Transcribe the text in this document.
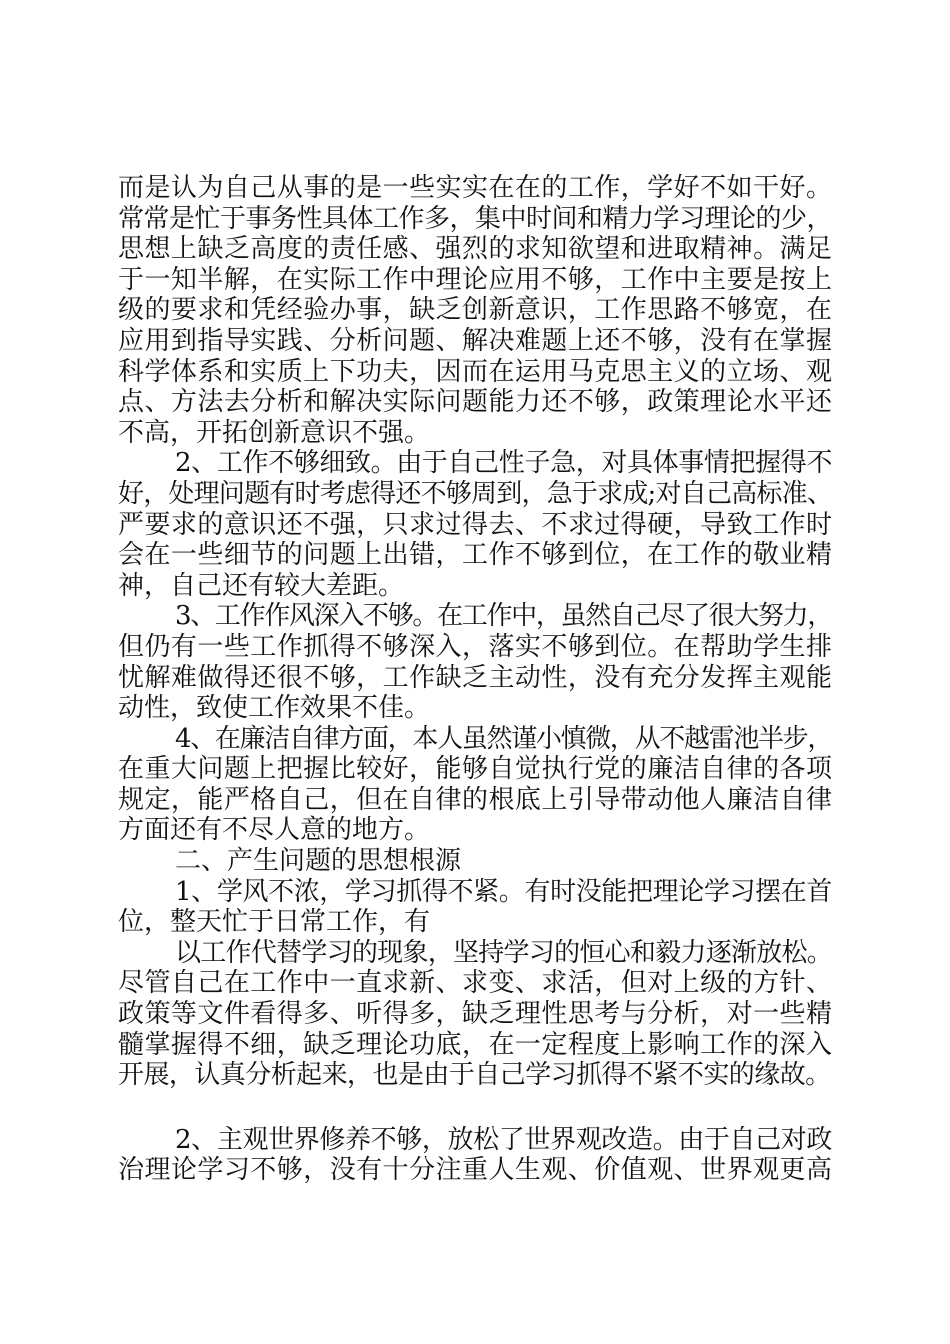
而是认为自己从事的是一些实实在在的工作，学好不如干好。
常常是忙于事务性具体工作多，集中时间和精力学习理论的少，
思想上缺乏高度的责任感、强烈的求知欲望和进取精神。满足
于一知半解，在实际工作中理论应用不够，工作中主要是按上
级的要求和凭经验办事，缺乏创新意识，工作思路不够宽，在
应用到指导实践、分析问题、解决难题上还不够，没有在掌握
科学体系和实质上下功夫，因而在运用马克思主义的立场、观
点、方法去分析和解决实际问题能力还不够，政策理论水平还
不高，开拓创新意识不强。
2、工作不够细致。由于自己性子急，对具体事情把握得不
好，处理问题有时考虑得还不够周到，急于求成;对自己高标准、
严要求的意识还不强，只求过得去、不求过得硬，导致工作时
会在一些细节的问题上出错，工作不够到位，在工作的敬业精
神，自己还有较大差距。
3、工作作风深入不够。在工作中，虽然自己尽了很大努力，
但仍有一些工作抓得不够深入，落实不够到位。在帮助学生排
忧解难做得还很不够，工作缺乏主动性，没有充分发挥主观能
动性，致使工作效果不佳。
4、在廉洁自律方面，本人虽然谨小慎微，从不越雷池半步，
在重大问题上把握比较好，能够自觉执行党的廉洁自律的各项
规定，能严格自己，但在自律的根底上引导带动他人廉洁自律
方面还有不尽人意的地方。
二、产生问题的思想根源
1、学风不浓，学习抓得不紧。有时没能把理论学习摆在首
位，整天忙于日常工作，有
以工作代替学习的现象，坚持学习的恒心和毅力逐渐放松。
尽管自己在工作中一直求新、求变、求活，但对上级的方针、
政策等文件看得多、听得多，缺乏理性思考与分析，对一些精
髓掌握得不细，缺乏理论功底，在一定程度上影响工作的深入
开展，认真分析起来，也是由于自己学习抓得不紧不实的缘故。
2、主观世界修养不够，放松了世界观改造。由于自己对政
治理论学习不够，没有十分注重人生观、价值观、世界观更高
